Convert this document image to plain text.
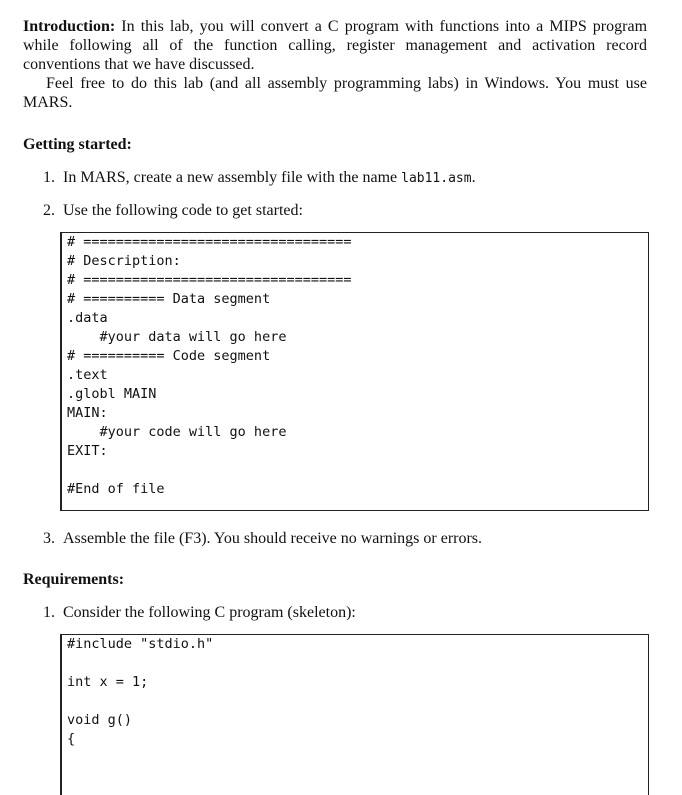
Introduction: In this lab, you will convert a C program with functions into a MIPS program while following all of the function calling, register management and activation record conventions that we have discussed.

Feel free to do this lab (and all assembly programming labs) in Windows. You must use MARS.

Getting started:
1. In MARS, create a new assembly file with the name lab11.asm.
2. Use the following code to get started:
# =================================
# Description:
# =================================
# ========== Data segment
.data
#your data will go here
# ========== Code segment
.text
.globl MAIN
MAIN:
#your code will go here
EXIT:
#End of file
3. Assemble the file (F3). You should receive no warnings or errors.
Requirements:
1. Consider the following C program (skeleton):
#include "stdio.h"
int x = 1;
void g()
{
